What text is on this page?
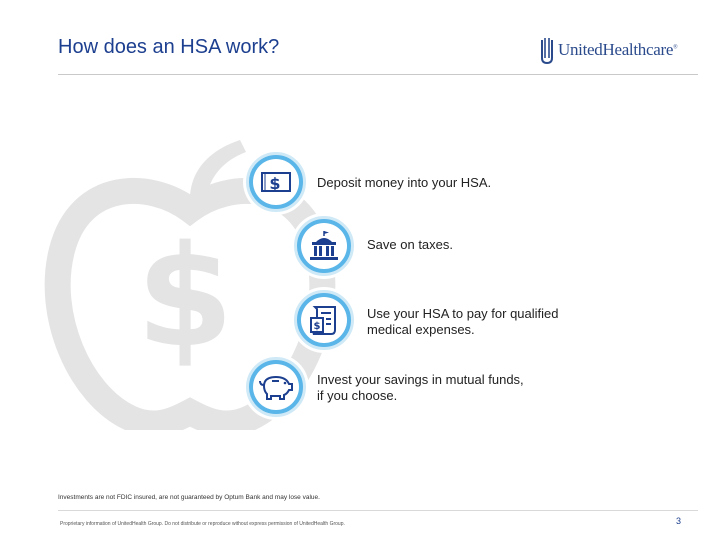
How does an HSA work?	UnitedHealthcare®
$
$	Deposit money into your HSA.
Save on taxes.
$
Use your HSA to pay for qualified
medical expenses.
Invest your savings in mutual funds,
if you choose.
Investments are not FDIC insured, are not guaranteed by Optum Bank and may lose value.
Proprietary information of UnitedHealth Group. Do not distribute or reproduce without express permission of UnitedHealth Group.	3
